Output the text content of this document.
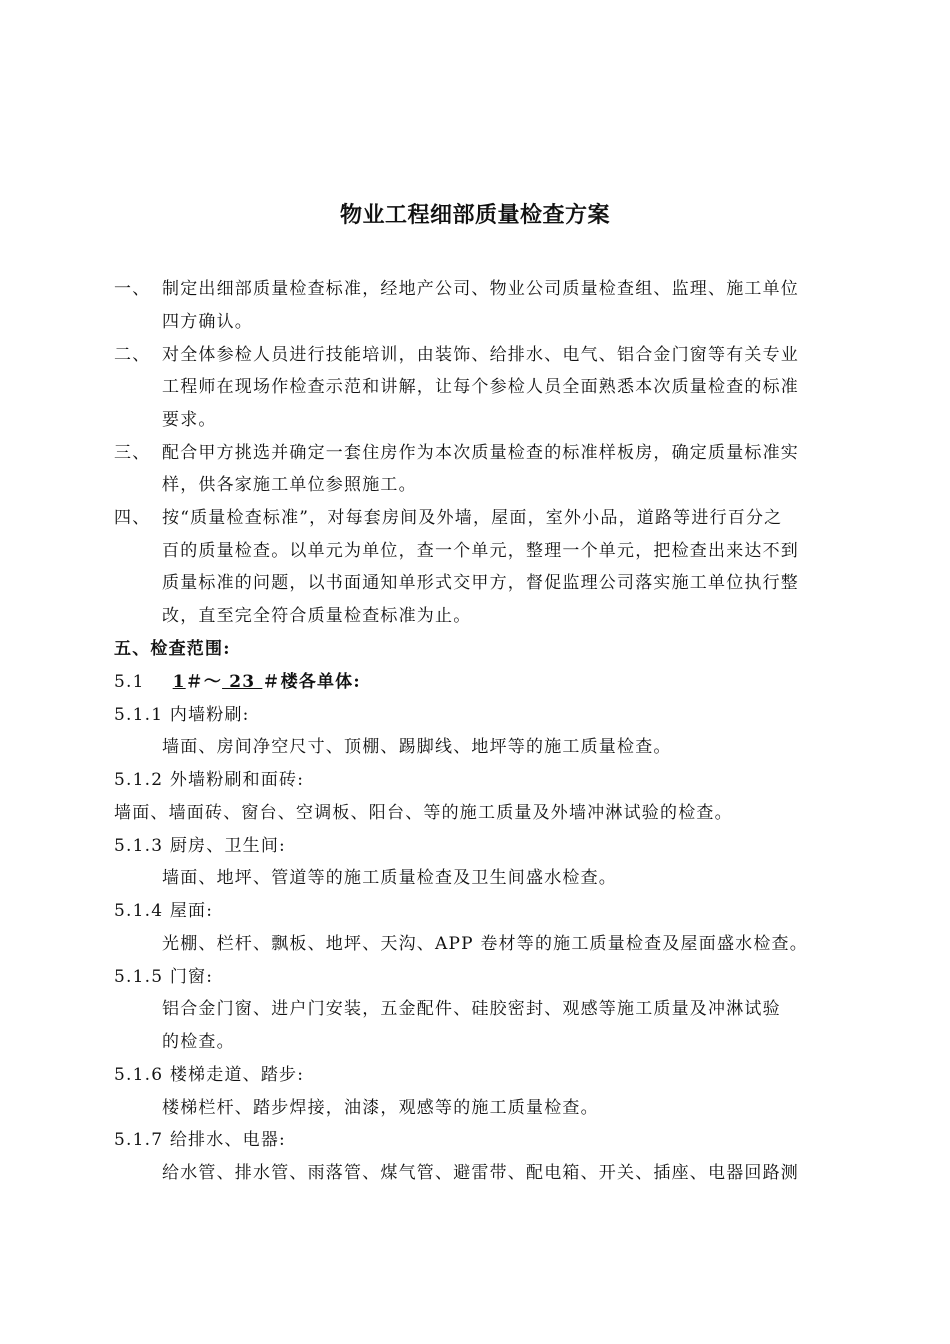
物业工程细部质量检查方案
一、 制定出细部质量检查标准，经地产公司、物业公司质量检查组、监理、施工单位
四方确认。
二、 对全体参检人员进行技能培训，由装饰、给排水、电气、铝合金门窗等有关专业
工程师在现场作检查示范和讲解，让每个参检人员全面熟悉本次质量检查的标准
要求。
三、 配合甲方挑选并确定一套住房作为本次质量检查的标准样板房，确定质量标准实
样，供各家施工单位参照施工。
四、 按“质量检查标准”，对每套房间及外墙，屋面，室外小品，道路等进行百分之
百的质量检查。以单元为单位，查一个单元，整理一个单元，把检查出来达不到
质量标准的问题，以书面通知单形式交甲方，督促监理公司落实施工单位执行整
改，直至完全符合质量检查标准为止。
五、检查范围:
5.1 1＃～ 23 ＃楼各单体:
5.1.1 内墙粉刷:
墙面、房间净空尺寸、顶棚、踢脚线、地坪等的施工质量检查。
5.1.2 外墙粉刷和面砖:
墙面、墙面砖、窗台、空调板、阳台、等的施工质量及外墙冲淋试验的检查。
5.1.3 厨房、卫生间:
墙面、地坪、管道等的施工质量检查及卫生间盛水检查。
5.1.4 屋面:
光棚、栏杆、飘板、地坪、天沟、APP 卷材等的施工质量检查及屋面盛水检查。
5.1.5 门窗:
铝合金门窗、进户门安装，五金配件、硅胶密封、观感等施工质量及冲淋试验
的检查。
5.1.6 楼梯走道、踏步:
楼梯栏杆、踏步焊接，油漆，观感等的施工质量检查。
5.1.7 给排水、电器:
给水管、排水管、雨落管、煤气管、避雷带、配电箱、开关、插座、电器回路测
